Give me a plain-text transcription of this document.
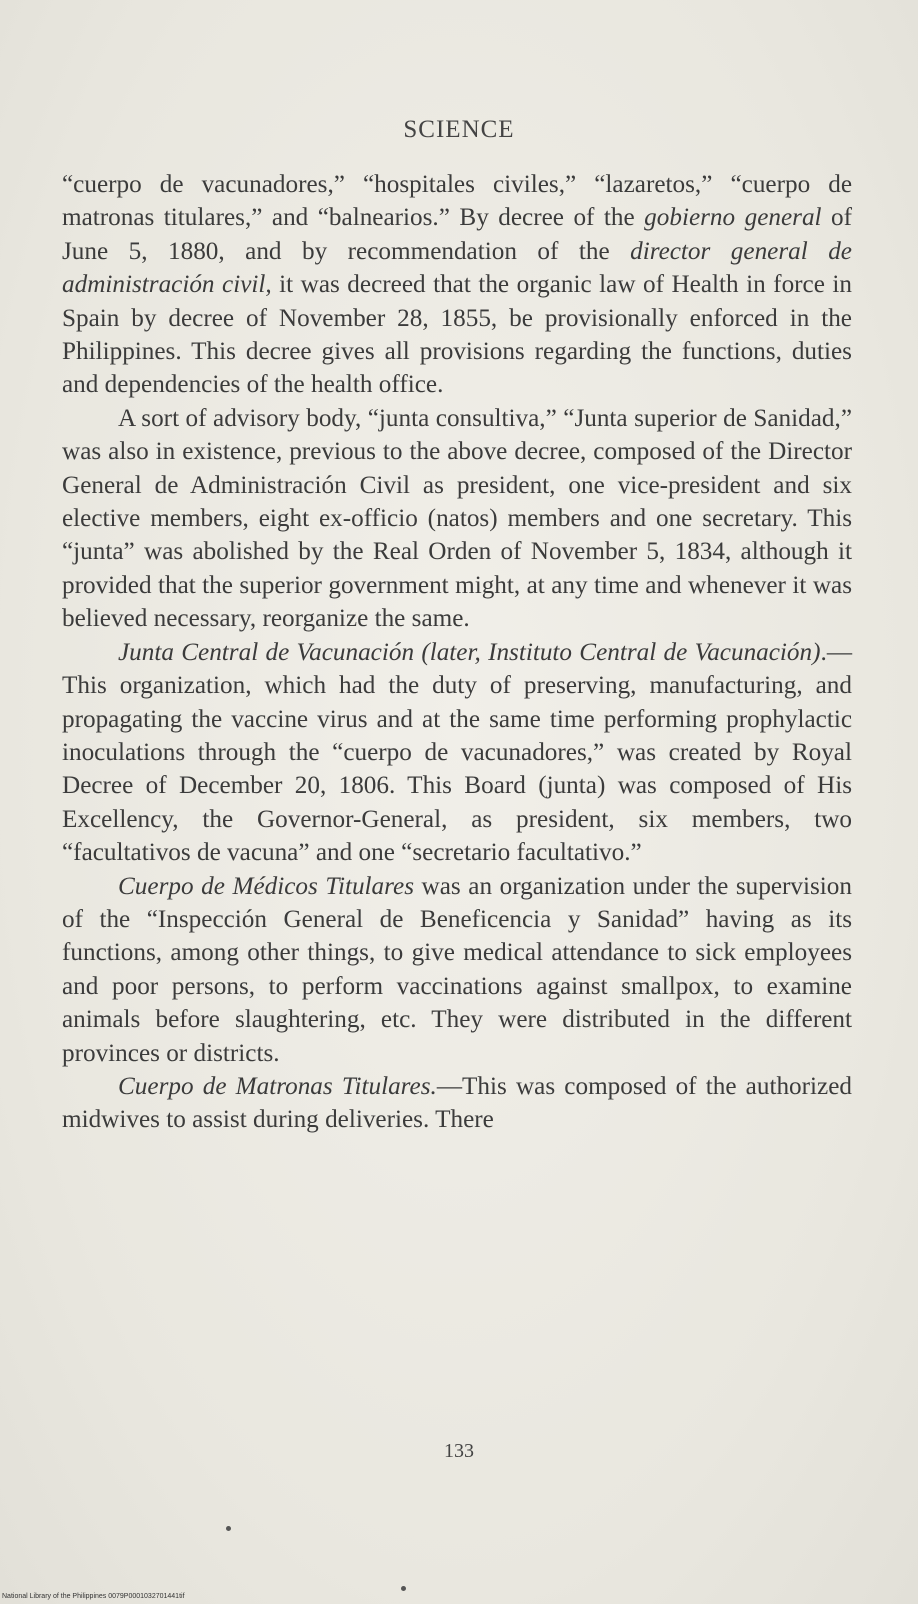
SCIENCE

“cuerpo de vacunadores,” “hospitales civiles,” “lazaretos,” “cuerpo de matronas titulares,” and “balnearios.” By decree of the gobierno general of June 5, 1880, and by recommendation of the director general de administración civil, it was decreed that the organic law of Health in force in Spain by decree of November 28, 1855, be provisionally enforced in the Philippines. This decree gives all provisions regarding the functions, duties and dependencies of the health office.

A sort of advisory body, “junta consultiva,” “Junta superior de Sanidad,” was also in existence, previous to the above decree, composed of the Director General de Administración Civil as president, one vice-president and six elective members, eight ex-officio (natos) members and one secretary. This “junta” was abolished by the Real Orden of November 5, 1834, although it provided that the superior government might, at any time and whenever it was believed necessary, reorganize the same.

Junta Central de Vacunación (later, Instituto Central de Vacunación).—This organization, which had the duty of preserving, manufacturing, and propagating the vaccine virus and at the same time performing prophylactic inoculations through the “cuerpo de vacunadores,” was created by Royal Decree of December 20, 1806. This Board (junta) was composed of His Excellency, the Governor-General, as president, six members, two “facultativos de vacuna” and one “secretario facultativo.”

Cuerpo de Médicos Titulares was an organization under the supervision of the “Inspección General de Beneficencia y Sanidad” having as its functions, among other things, to give medical attendance to sick employees and poor persons, to perform vaccinations against smallpox, to examine animals before slaughtering, etc. They were distributed in the different provinces or districts.

Cuerpo de Matronas Titulares.—This was composed of the authorized midwives to assist during deliveries. There

133
National Library of the Philippines 0079P0001032701441tif
